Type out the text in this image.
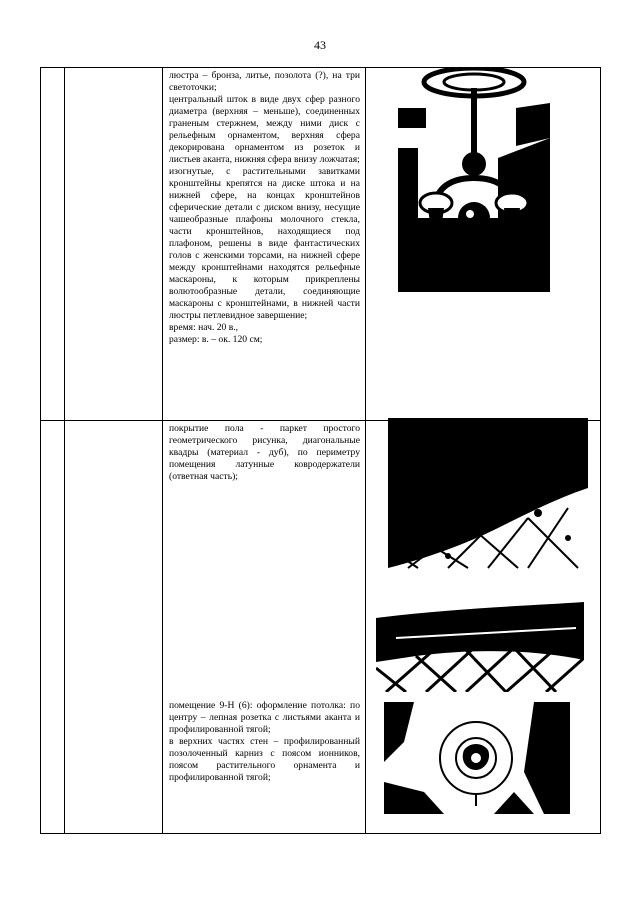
43

		люстра – бронза, литье, позолота (?), на три светоточки;

центральный шток в виде двух сфер разного диаметра (верхняя – меньше), соединенных граненым стержнем, между ними диск с рельефным орнаментом, верхняя сфера декорирована орнаментом из розеток и листьев аканта, нижняя сфера внизу ложчатая;

изогнутые, с растительными завитками кронштейны крепятся на диске штока и на нижней сфере, на концах кронштейнов сферические детали с диском внизу, несущие чашеобразные плафоны молочного стекла, части кронштейнов, находящиеся под плафоном, решены в виде фантастических голов с женскими торсами, на нижней сфере между кронштейнами находятся рельефные маскароны, к которым прикреплены волютообразные детали, соединяющие маскароны с кронштейнами, в нижней части люстры петлевидное завершение;

время: нач. 20 в.,

размер: в. – ок. 120 см;	

		покрытие пола - паркет простого геометрического рисунка, диагональные квадры (материал - дуб), по периметру помещения латунные ковродержатели (ответная часть);

помещение 9-Н (6): оформление потолка: по центру – лепная розетка с листьями аканта и профилированной тягой;

в верхних частях стен – профилированный позолоченный карниз с поясом ионников, поясом растительного орнамента и профилированной тягой;	
